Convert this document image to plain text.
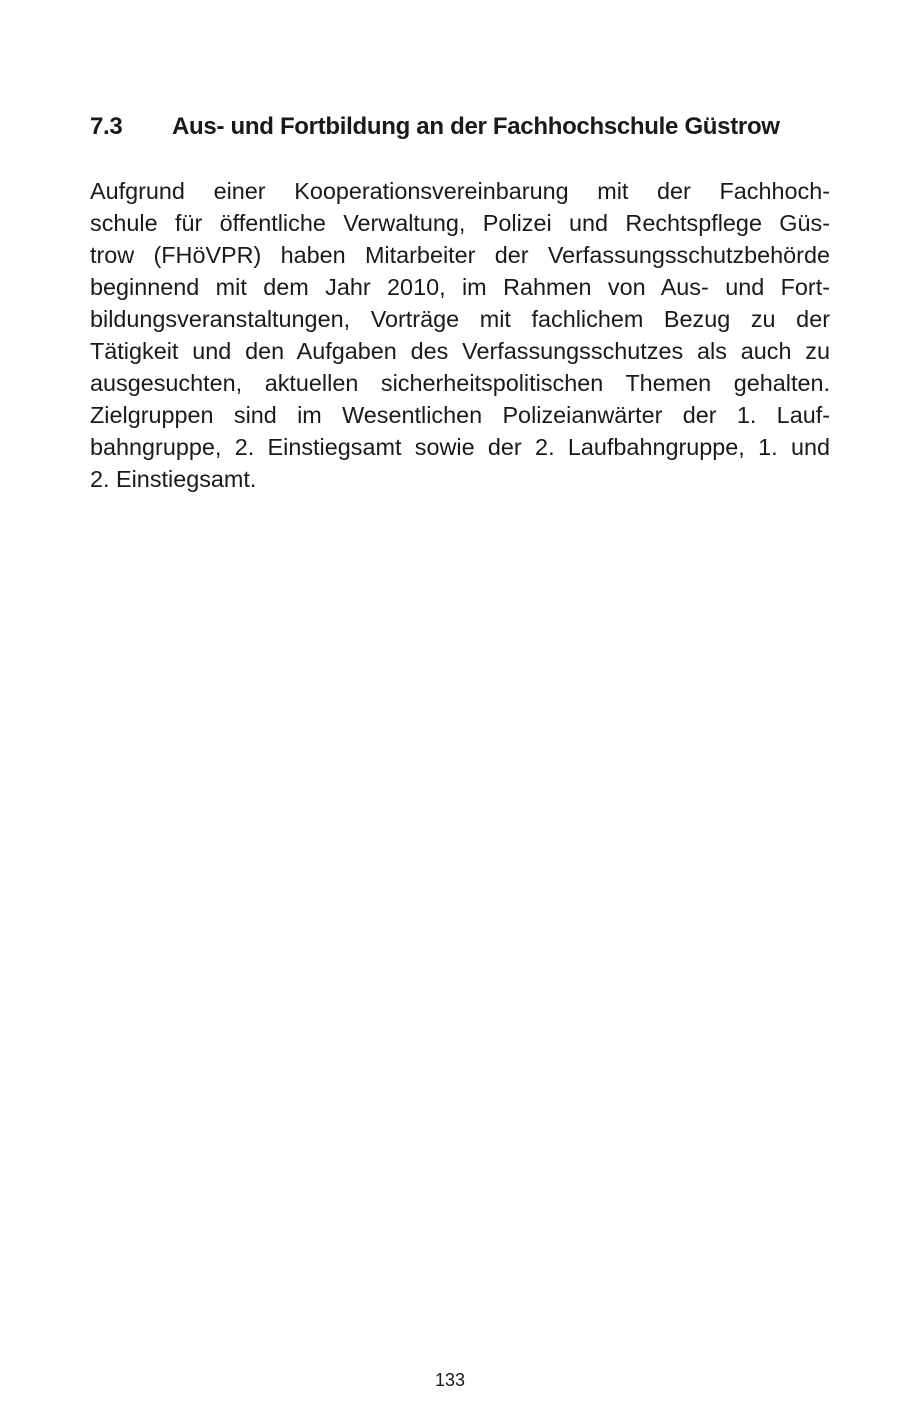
7.3	Aus- und Fortbildung an der Fachhochschule Güstrow
Aufgrund einer Kooperationsvereinbarung mit der Fachhoch-
schule für öffentliche Verwaltung, Polizei und Rechtspflege Güs-
trow (FHöVPR) haben Mitarbeiter der Verfassungsschutzbehörde
beginnend mit dem Jahr 2010, im Rahmen von Aus- und Fort-
bildungsveranstaltungen, Vorträge mit fachlichem Bezug zu der
Tätigkeit und den Aufgaben des Verfassungsschutzes als auch zu
ausgesuchten, aktuellen sicherheitspolitischen Themen gehalten.
Zielgruppen sind im Wesentlichen Polizeianwärter der 1. Lauf-
bahngruppe, 2. Einstiegsamt sowie der 2. Laufbahngruppe, 1. und
2. Einstiegsamt.
133
